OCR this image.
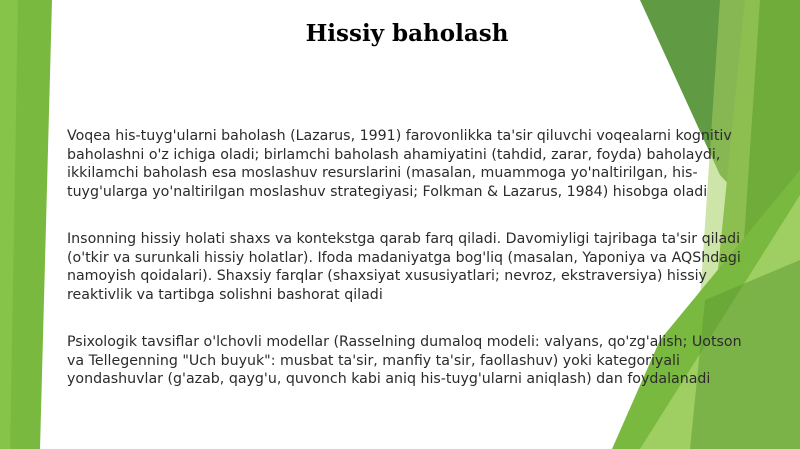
Hissiy baholash

Voqea his-tuyg'ularni baholash (Lazarus, 1991) farovonlikka ta'sir qiluvchi voqealarni kognitiv baholashni o'z ichiga oladi; birlamchi baholash ahamiyatini (tahdid, zarar, foyda) baholaydi, ikkilamchi baholash esa moslashuv resurslarini (masalan, muammoga yo'naltirilgan, his-tuyg'ularga yo'naltirilgan moslashuv strategiyasi; Folkman & Lazarus, 1984) hisobga oladi

Insonning hissiy holati shaxs va kontekstga qarab farq qiladi. Davomiyligi tajribaga ta'sir qiladi (o'tkir va surunkali hissiy holatlar). Ifoda madaniyatga bog'liq (masalan, Yaponiya va AQShdagi namoyish qoidalari). Shaxsiy farqlar (shaxsiyat xususiyatlari; nevroz, ekstraversiya) hissiy reaktivlik va tartibga solishni bashorat qiladi

Psixologik tavsiflar o'lchovli modellar (Rasselning dumaloq modeli: valyans, qo'zg'alish; Uotson va Tellegenning "Uch buyuk": musbat ta'sir, manfiy ta'sir, faollashuv) yoki kategoriyali yondashuvlar (g'azab, qayg'u, quvonch kabi aniq his-tuyg'ularni aniqlash) dan foydalanadi
